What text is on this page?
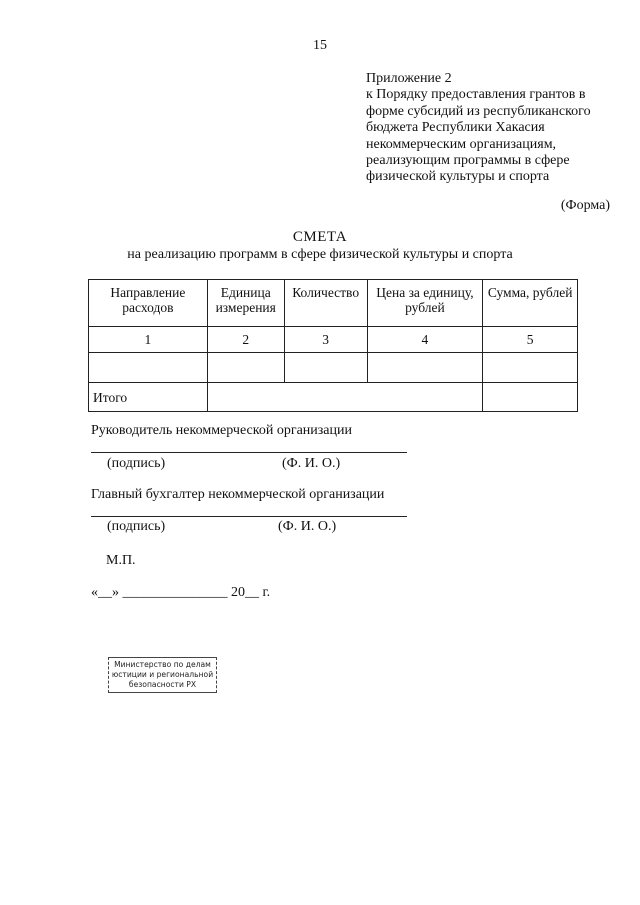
15
Приложение 2
к Порядку предоставления грантов в
форме субсидий из республиканского
бюджета Республики Хакасия
некоммерческим организациям,
реализующим программы в сфере
физической культуры и спорта
(Форма)
СМЕТА
на реализацию программ в сфере физической культуры и спорта
Направление расходов	Единица измерения	Количество	Цена за единицу, рублей	Сумма, рублей
1	2	3	4	5

Итого				
Руководитель некоммерческой организации
(подпись)	(Ф. И. О.)
Главный бухгалтер некоммерческой организации
(подпись)	(Ф. И. О.)
М.П.
«__» _______________ 20__ г.
Министерство по делам
юстиции и региональной
безопасности РХ
